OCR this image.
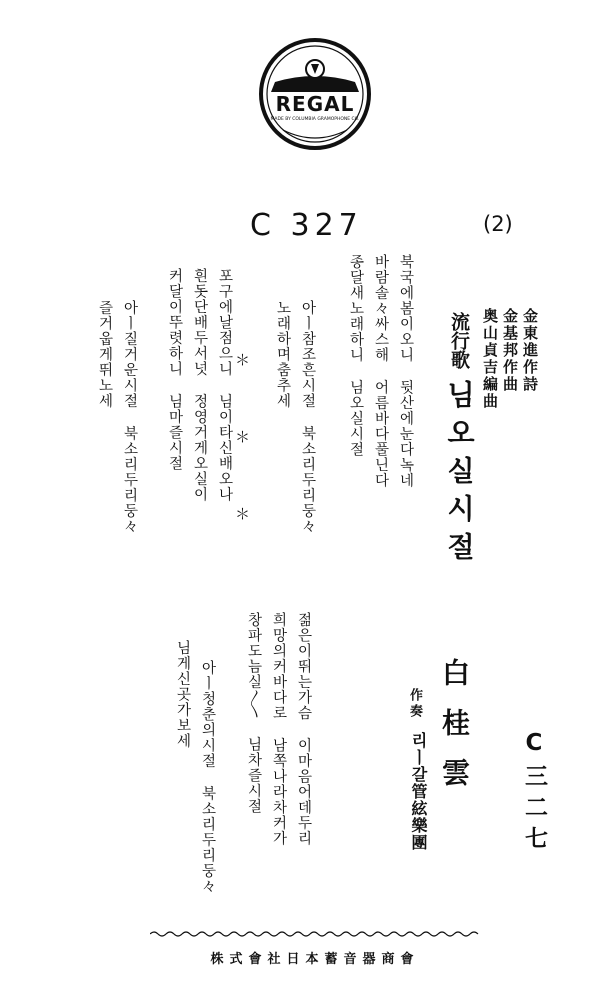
REGAL
MADE BY COLUMBIA GRAMOPHONE CO.
C 327	(2)
金東進作詩
金基邦作曲
奥山貞吉編曲
流行歌
님오실시절
북국에봄이오니 뒷산에눈다녹네
바람솔々싸스해 어름바다풀닌다
종달새노래하니 님오실시절
아ㅣ참조흔시절 북소리두리둥々
노래하며춤추세
＊ ＊ ＊
포구에날점으니 님이타신배오나
흰돗단배두서넛 정영거게오실이
커달이뚜렷하니 님마즐시절
아ㅣ질거운시절 북소리두리둥々
즐거웁게뛰노세
C三二七
白桂雲
作奏
리ㅣ갈管絃樂團
젊은이뛰는가슴 이마음어데두리
희망의커바다로 남쪽나라차커가
창파도늠실〱 님차즐시절
아ㅣ청춘의시절 북소리두리둥々
님게신곳가보세
株式會社日本蓄音器商會
